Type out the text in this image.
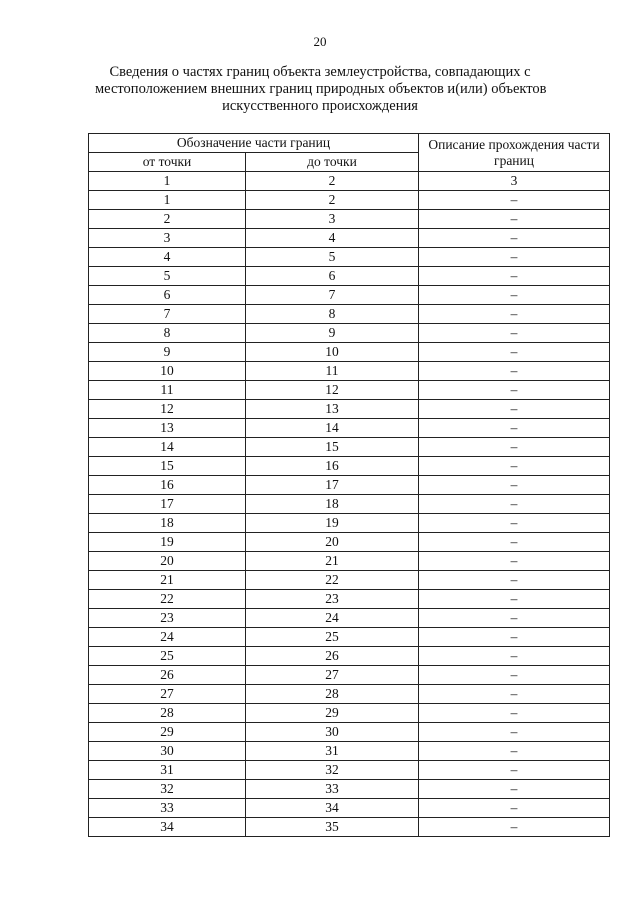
20
Сведения о частях границ объекта землеустройства, совпадающих с
местоположением внешних границ природных объектов и(или) объектов
искусственного происхождения
Обозначение части границ		Описание прохождения части границ
от точки	до точки	
1	2	3
1	2	–
2	3	–
3	4	–
4	5	–
5	6	–
6	7	–
7	8	–
8	9	–
9	10	–
10	11	–
11	12	–
12	13	–
13	14	–
14	15	–
15	16	–
16	17	–
17	18	–
18	19	–
19	20	–
20	21	–
21	22	–
22	23	–
23	24	–
24	25	–
25	26	–
26	27	–
27	28	–
28	29	–
29	30	–
30	31	–
31	32	–
32	33	–
33	34	–
34	35	–
